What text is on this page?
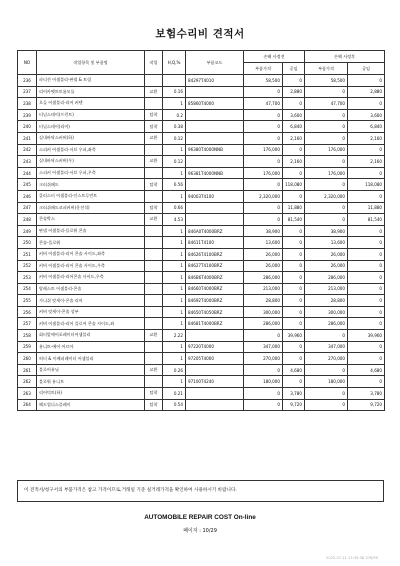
보험수리비 견적서
NO	작업항목 및 부품명	작업	H,Q,%	부품코드	손해 사정전		손해 사정후	
					부품가격	공임	부품가격	공임
236	파티션 어셈블리-판넬 & 트림			84297T4010	58,500	0	58,500	0
237	리어카펫트트롬모듈	교환	0.16		0	2,880	0	2,880
238	오들 어셈블리-리어 커텐		1	85860T4000	47,700	0	47,700	0
239	터널스테이(프런트)	탈착	0.2		0	3,600	0	3,600
240	터널스테이(리어)	탈착	0.38		0	6,840	0	6,840
241	실내바닥스커버(하)	교환	0.12		0	2,160	0	2,160
242	스피커 어셈블리-서브 우퍼,좌측		1	96380T4000NNB	176,000	0	176,000	0
243	실내바닥스커버(우)	교환	0.12		0	2,160	0	2,160
244	스피커 어셈블리-서브 우퍼,우측		1	96381T4000NNB	176,000	0	176,000	0
245	크러쉬패드	탈착	6.56		0	118,080	0	118,080
246	클러스터 어셈블리-인스트루먼트		1	94003T4100	2,320,000	0	2,320,000	0
247	크러쉬패드코퍼커버(운전석)	탈착	0.66		0	11,880	0	11,880
248	콘솔박스	교환	4.53		0	81,540	0	81,540
249	판넬 어셈블리-플로워 콘솔		1	846A0T4000BRZ	38,900	0	38,900	0
250	콘솔-플로워		1	84611T4100	13,600	0	13,600	0
251	커버 어셈블리-리어 콘솔 사이드,좌측		1	84626T4100BRZ	26,000	0	26,000	0
252	커버 어셈블리-리어 콘솔 사이드,우측		1	84627T4100BRZ	26,000	0	26,000	0
253	커버 어셈블리-리어콘솔 사이드,우측		1	846B6T4000BRZ	286,000	0	286,000	0
254	암레스트 어셈블리-콘솔		1	84660T4000BRZ	213,000	0	213,000	0
255	가니쉬 앗세이-콘솔 리어		1	84692T4000BRZ	28,800	0	28,800	0
256	커버 앗세이-콘솔 상부		1	84650T4050BRZ	300,000	0	300,000	0
257	커버 어셈블리-리어 플로어 콘솔 사이드,좌		1	84681T4000BRZ	286,000	0	286,000	0
258	회터앞에어포레이터어셈블리	교환	2.22		0	39,960	0	39,960
259	유니트-에어 어르아		1	97220T4000	347,000	0	347,000	0
260	히터 & 이베퍼레이터 어셈블리		1	97205T4000	270,000	0	270,000	0
261	블로어유닛	교환	0.26		0	4,680	0	4,680
262	블로워 유니트		1	97100T4240	180,000	0	180,000	0
263	리어덕트(하)	탈착	0.21		0	3,780	0	3,780
264	헤드업디스플레이	탈착	0.54		0	9,720	0	9,720
이 견적서/청구서의 부품가격은 참고 가격이므로,거래일 기준 실거래가격을 확인하여 사용하시기 바랍니다.
AUTOMOBILE REPAIR COST On-line
페이지 : 10/29
2025-07-11 15:35:38 376/90
